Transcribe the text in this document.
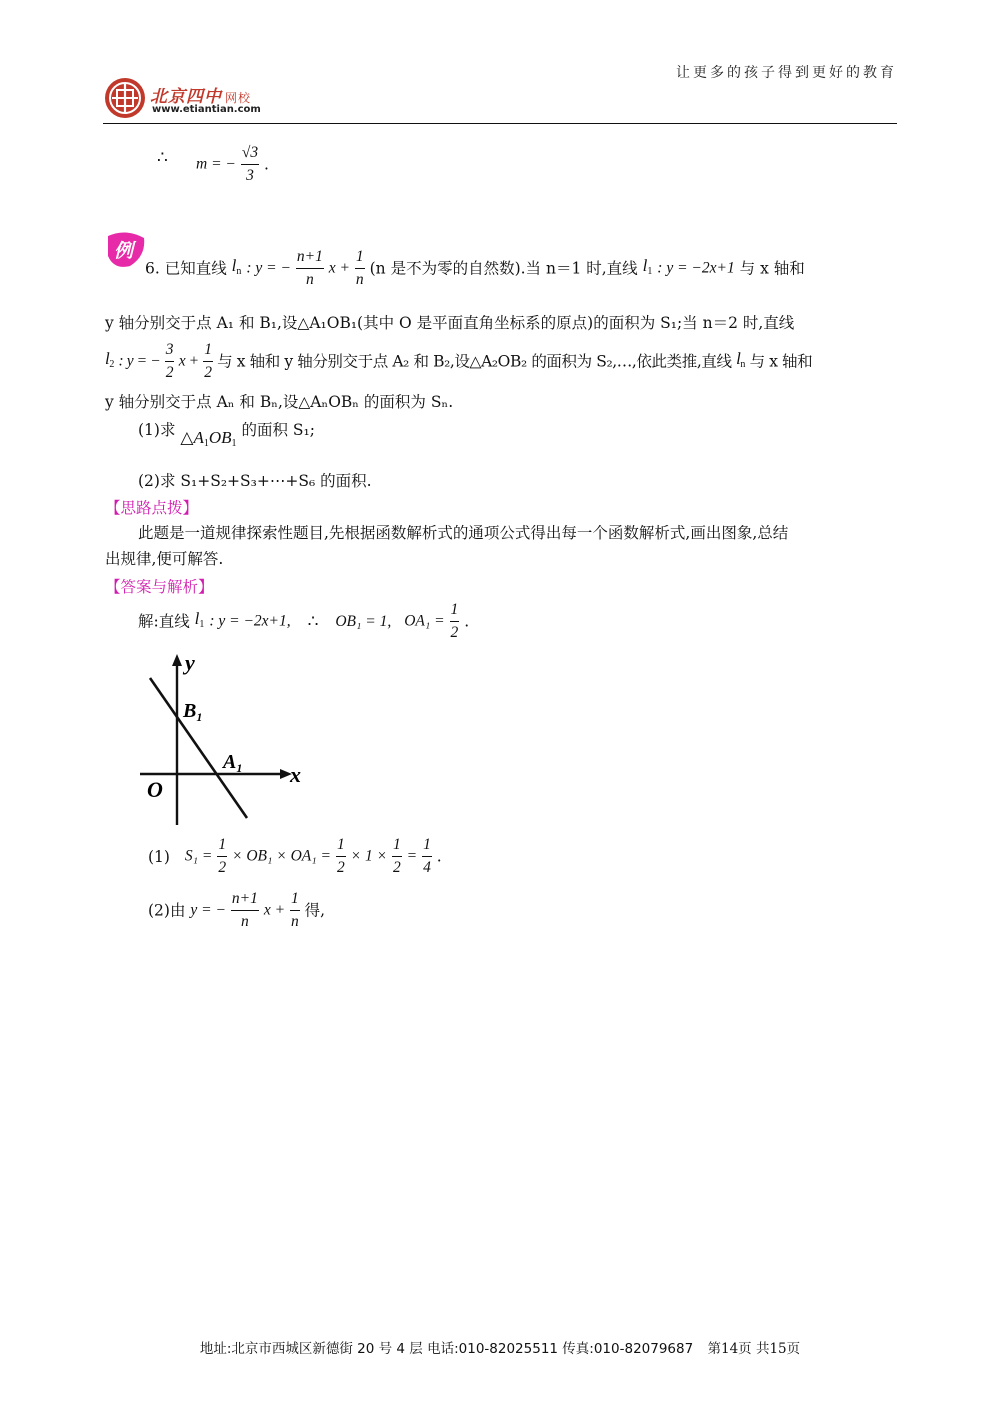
北京四中 网校
www.etiantian.com
让更多的孩子得到更好的教育
∴ m = − $\frac{√3}{3}$ .
例
6. 已知直线 $l_n$ : y = − $\frac{n+1}{n}$ $x + \frac{1}{n} (n$ 是不为零的自然数).当 n＝1 时,直线 $l_1$ : y = −2x+1 与 x 轴和
y 轴分别交于点 A₁ 和 B₁,设△A₁OB₁(其中 O 是平面直角坐标系的原点)的面积为 S₁;当 n＝2 时,直线
$l_2$ : y = − $\frac{3}{2}$ $x + \frac{1}{2}$ 与 x 轴和 y 轴分别交于点 A₂ 和 B₂,设△A₂OB₂ 的面积为 S₂,…,依此类推,直线 $l_n$ 与 x 轴和
y 轴分别交于点 Aₙ 和 Bₙ,设△AₙOBₙ 的面积为 Sₙ.
(1)求 $\triangle A_1OB_1$ 的面积 S₁;
(2)求 S₁+S₂+S₃+⋯+S₆ 的面积.
【思路点拨】
此题是一道规律探索性题目,先根据函数解析式的通项公式得出每一个函数解析式,画出图象,总结
出规律,便可解答.
【答案与解析】
解:直线 $l_1$ : y = −2x+1, ∴ OB₁ = 1, $OA_1 = \frac{1}{2}$ .
y
x
O
$B_1$
$A_1$
(1) $S_1 = \frac{1}{2} \times OB_1 \times OA_1 = \frac{1}{2} \times 1 \times \frac{1}{2} = \frac{1}{4}$ .
(2)由 y = − $\frac{n+1}{n}$ $x + \frac{1}{n}$ 得,
地址:北京市西城区新德街 20 号 4 层 电话:010-82025511 传真:010-82079687 第14页 共15页
